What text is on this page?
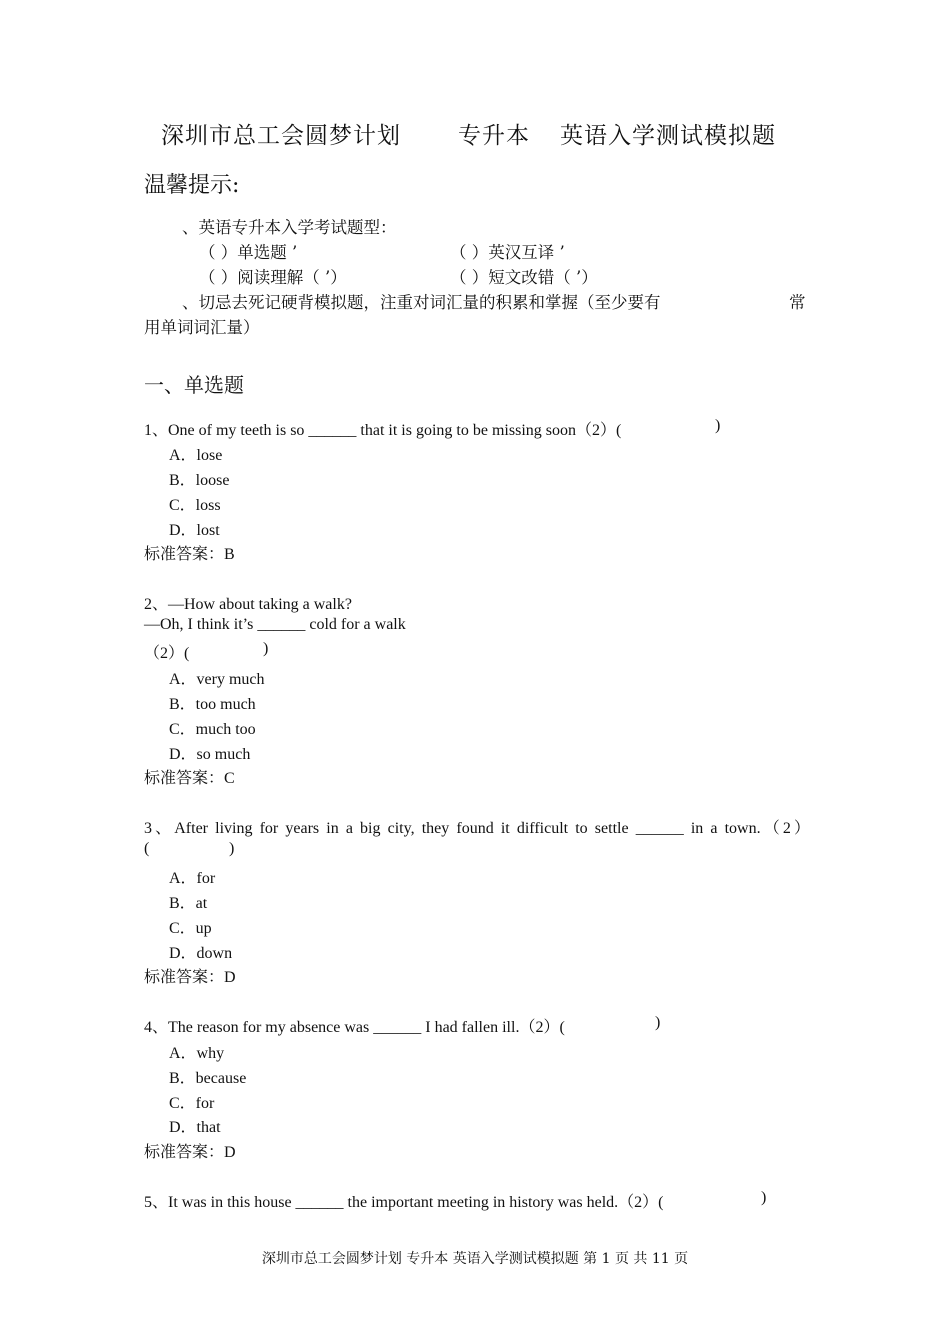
深圳市总工会圆梦计划 专升本 英语入学测试模拟题
温馨提示:
、英语专升本入学考试题型：
（ ）单选题 ’	（ ）英汉互译 ’
（ ）阅读理解（ ’）	（ ）短文改错（ ’）
、切忌去死记硬背模拟题，注重对词汇量的积累和掌握（至少要有	常
用单词词汇量）
一、单选题
1、One of my teeth is so ______ that it is going to be missing soon（2）(	)
A．lose
B．loose
C．loss
D．lost
标准答案：B
2、—How about taking a walk?
—Oh, I think it’s ______ cold for a walk
（2）(	)
A．very much
B．too much
C．much too
D．so much
标准答案：C
3、After living for years in a big city, they found it difficult to settle ______ in a town.（2）
(	)
A．for
B．at
C．up
D．down
标准答案：D
4、The reason for my absence was ______ I had fallen ill.（2）(	)
A．why
B．because
C．for
D．that
标准答案：D
5、It was in this house ______ the important meeting in history was held.（2）(	)
深圳市总工会圆梦计划 专升本 英语入学测试模拟题 第 1 页 共 11 页
